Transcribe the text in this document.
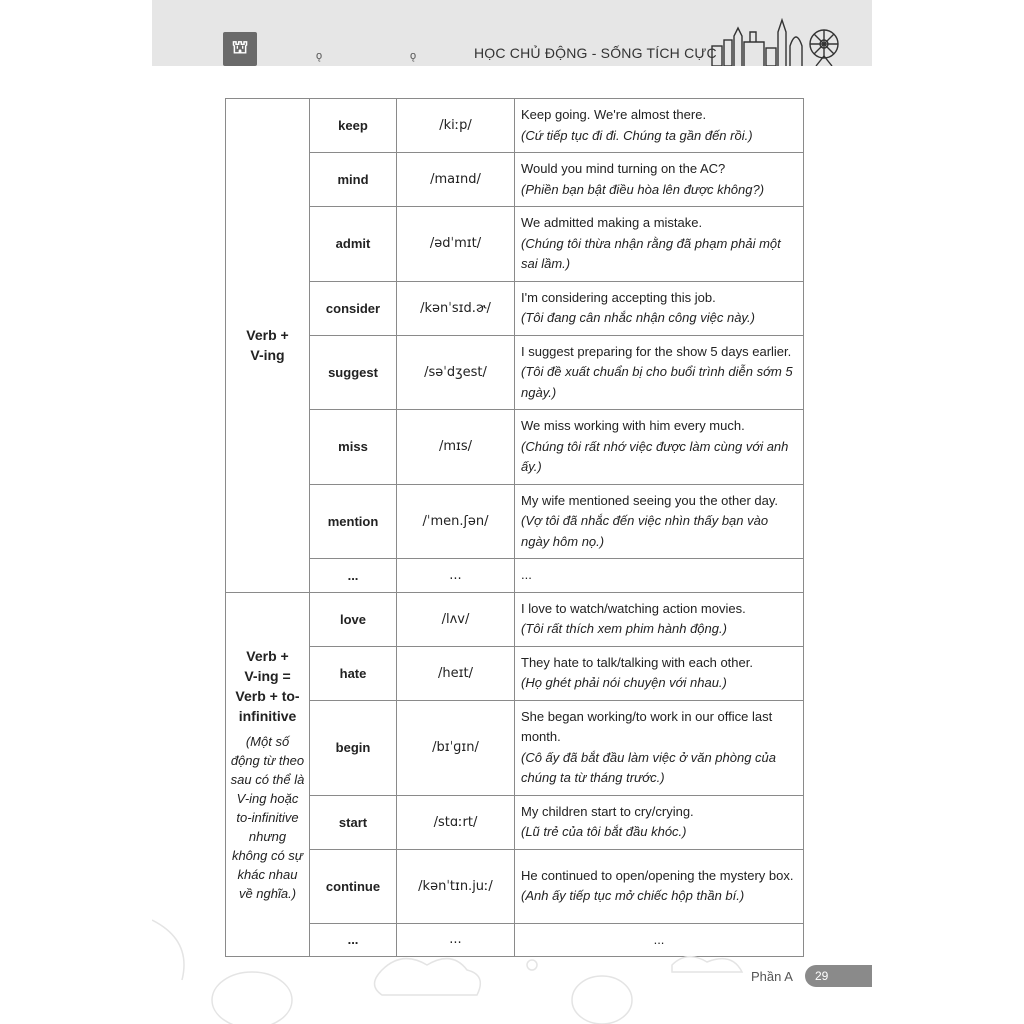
⛫	ǫ	ǫ	HỌC CHỦ ĐỘNG - SỐNG TÍCH CỰC
Verb +
V-ing	keep	/kiːp/	Keep going. We're almost there.
(Cứ tiếp tục đi đi. Chúng ta gần đến rồi.)

	mind	/maɪnd/	Would you mind turning on the AC?
(Phiền bạn bật điều hòa lên được không?)

	admit	/ədˈmɪt/	We admitted making a mistake.
(Chúng tôi thừa nhận rằng đã phạm phải một sai lầm.)

	consider	/kənˈsɪd.ɚ/	I'm considering accepting this job.
(Tôi đang cân nhắc nhận công việc này.)

	suggest	/səˈdʒest/	I suggest preparing for the show 5 days earlier.
(Tôi đề xuất chuẩn bị cho buổi trình diễn sớm 5 ngày.)

	miss	/mɪs/	We miss working with him every much.
(Chúng tôi rất nhớ việc được làm cùng với anh ấy.)

	mention	/ˈmen.ʃən/	My wife mentioned seeing you the other day.
(Vợ tôi đã nhắc đến việc nhìn thấy bạn vào ngày hôm nọ.)

	...	...	...

Verb +
V-ing =
Verb + to-
infinitive
(Một số động từ theo sau có thể là V-ing hoặc to-infinitive nhưng không có sự khác nhau về nghĩa.)	love	/lʌv/	I love to watch/watching action movies.
(Tôi rất thích xem phim hành động.)

	hate	/heɪt/	They hate to talk/talking with each other.
(Họ ghét phải nói chuyện với nhau.)

	begin	/bɪˈɡɪn/	She began working/to work in our office last month.
(Cô ấy đã bắt đầu làm việc ở văn phòng của chúng ta từ tháng trước.)

	start	/stɑːrt/	My children start to cry/crying.
(Lũ trẻ của tôi bắt đầu khóc.)

	continue	/kənˈtɪn.juː/	He continued to open/opening the mystery box.
(Anh ấy tiếp tục mở chiếc hộp thần bí.)

	...	...	...
Phần A	29
